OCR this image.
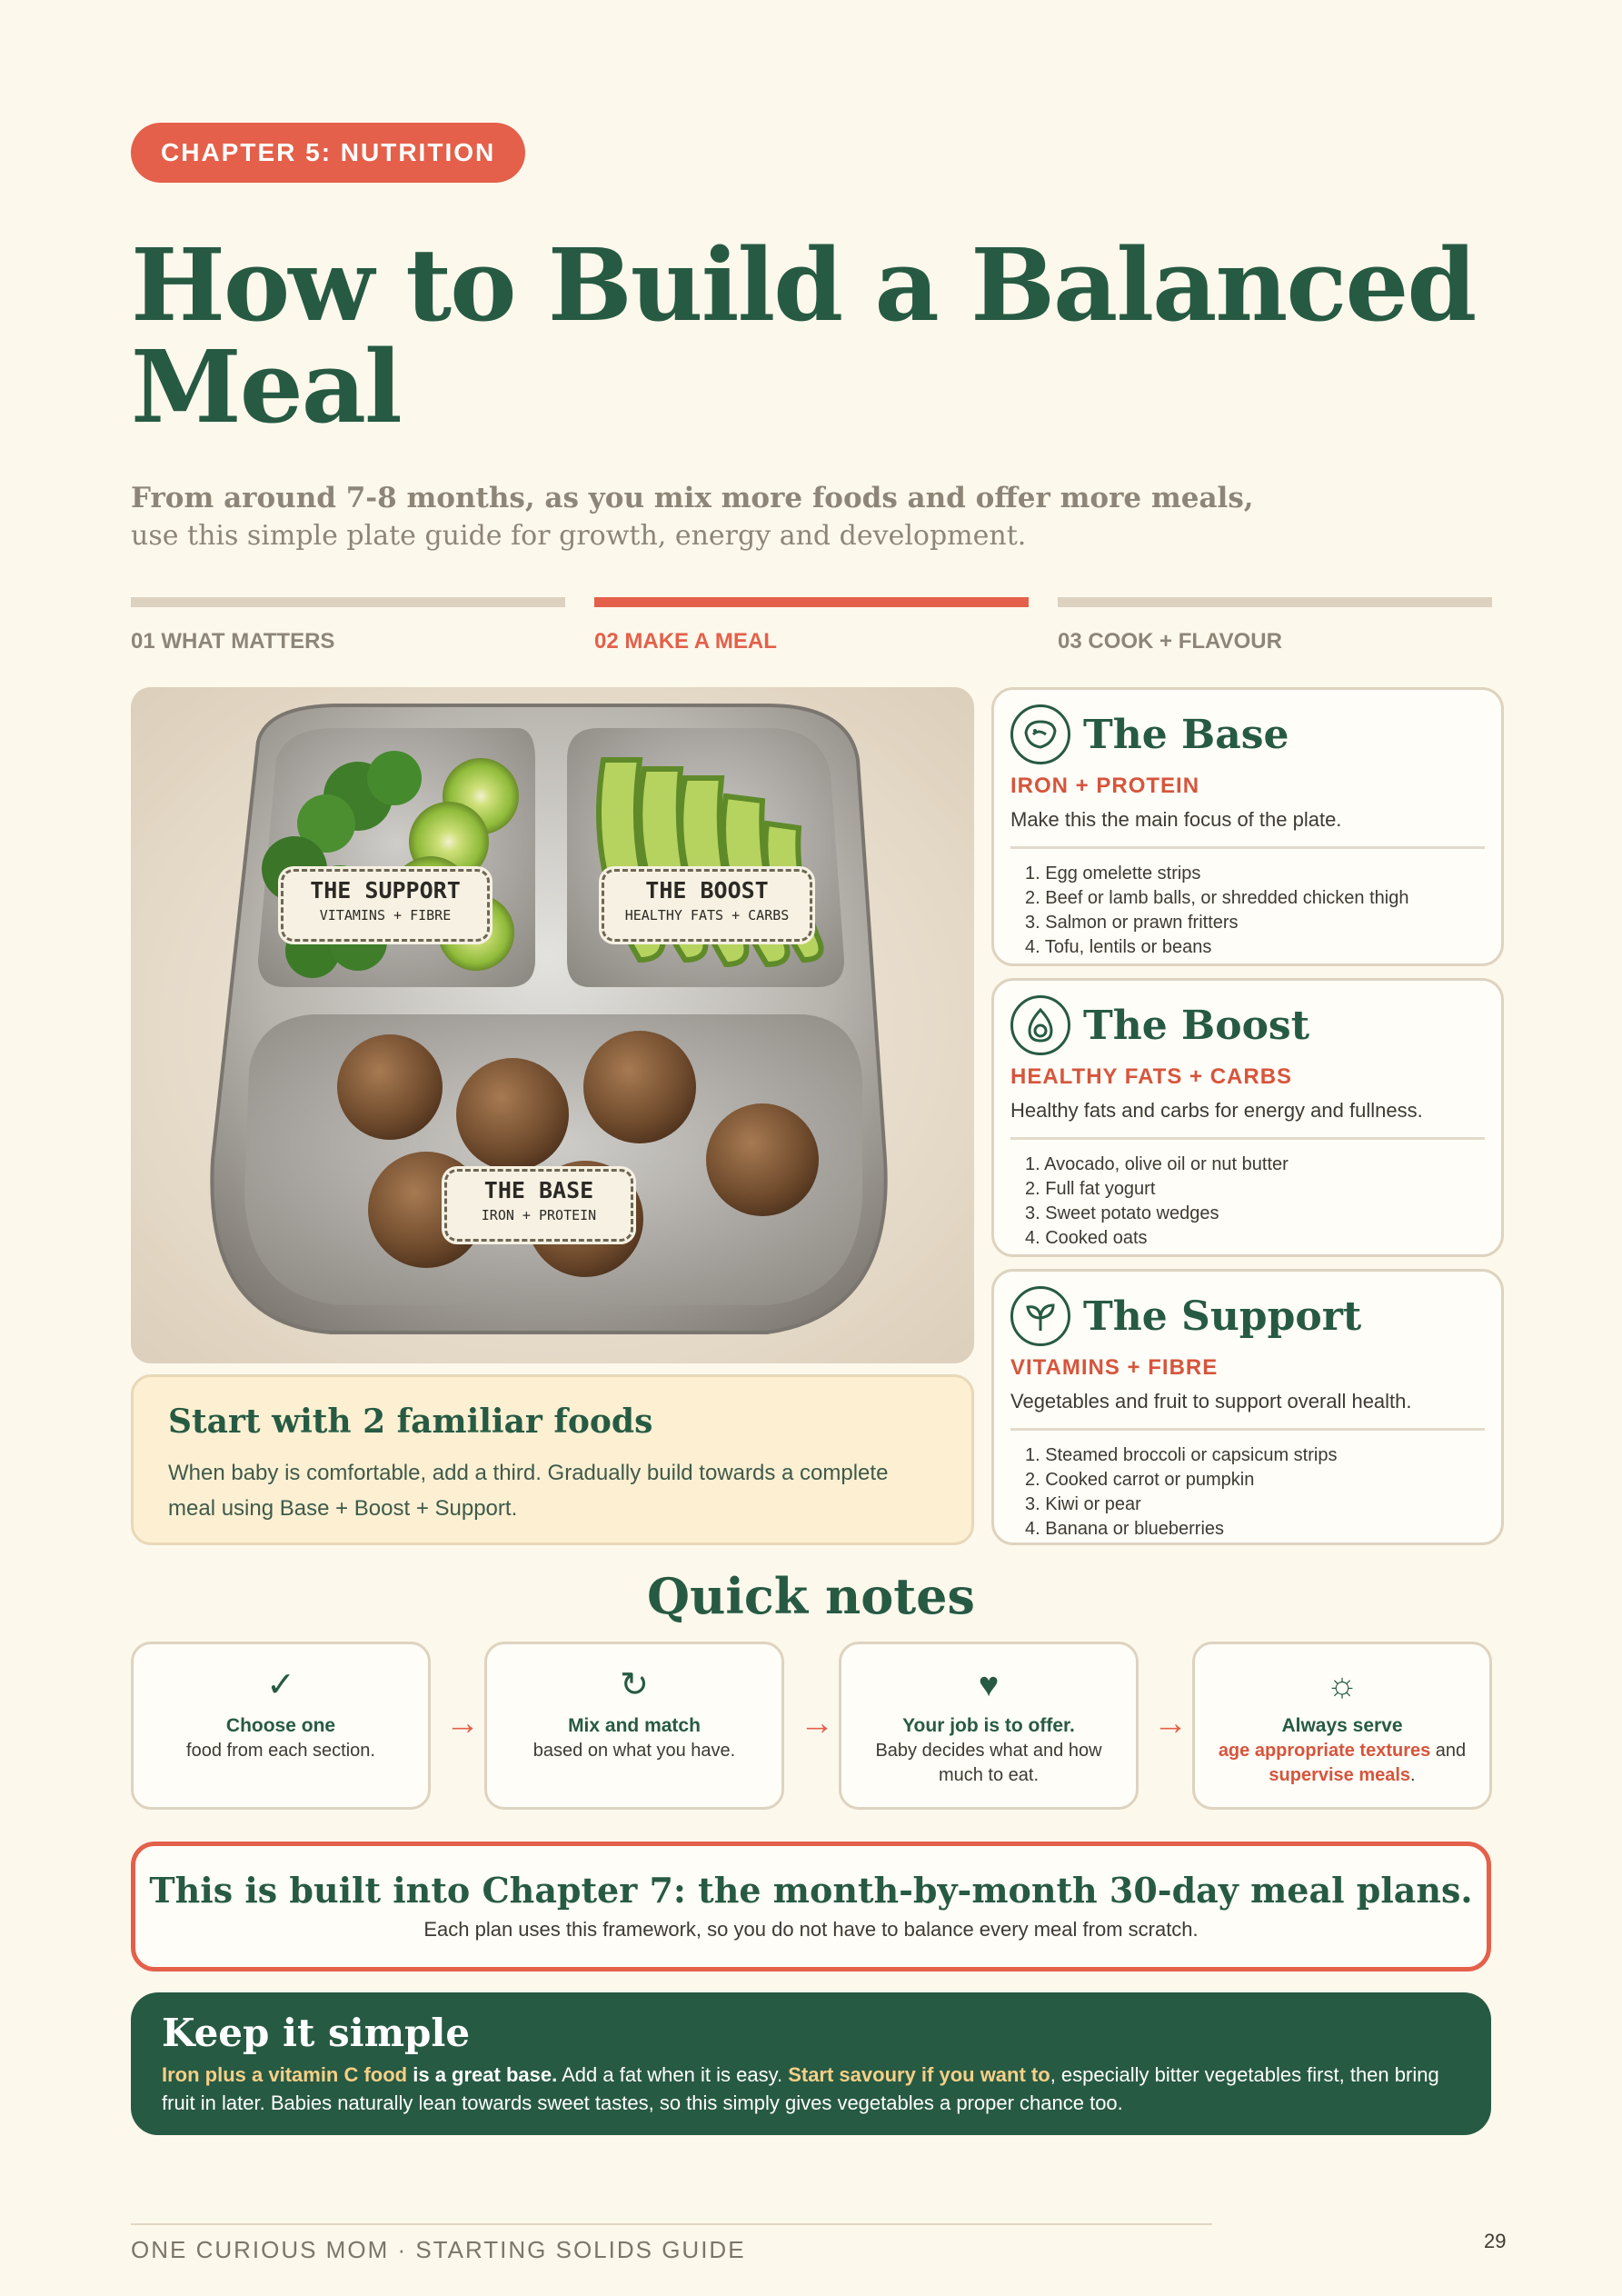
CHAPTER 5: NUTRITION
How to Build a Balanced Meal
From around 7-8 months, as you mix more foods and offer more meals,
use this simple plate guide for growth, energy and development.
01 WHAT MATTERS	02 MAKE A MEAL	03 COOK + FLAVOUR
THE SUPPORT
VITAMINS + FIBRE
THE BOOST
HEALTHY FATS + CARBS
THE BASE
IRON + PROTEIN
Start with 2 familiar foods

When baby is comfortable, add a third. Gradually build towards a complete meal using Base + Boost + Support.

The Base
IRON + PROTEIN
Make this the main focus of the plate.
1. Egg omelette strips
2. Beef or lamb balls, or shredded chicken thigh
3. Salmon or prawn fritters
4. Tofu, lentils or beans
The Boost
HEALTHY FATS + CARBS
Healthy fats and carbs for energy and fullness.
1. Avocado, olive oil or nut butter
2. Full fat yogurt
3. Sweet potato wedges
4. Cooked oats
The Support
VITAMINS + FIBRE
Vegetables and fruit to support overall health.
1. Steamed broccoli or capsicum strips
2. Cooked carrot or pumpkin
3. Kiwi or pear
4. Banana or blueberries
Quick notes
✓
Choose one
food from each section.
→
↻
Mix and match
based on what you have.
→
♥
Your job is to offer.
Baby decides what and how much to eat.
→
☼
Always serve
age appropriate textures and
supervise meals.
This is built into Chapter 7: the month-by-month 30-day meal plans.

Each plan uses this framework, so you do not have to balance every meal from scratch.

Keep it simple

Iron plus a vitamin C food is a great base. Add a fat when it is easy. Start savoury if you want to, especially bitter vegetables first, then bring fruit in later. Babies naturally lean towards sweet tastes, so this simply gives vegetables a proper chance too.

ONE CURIOUS MOM · STARTING SOLIDS GUIDE	29
